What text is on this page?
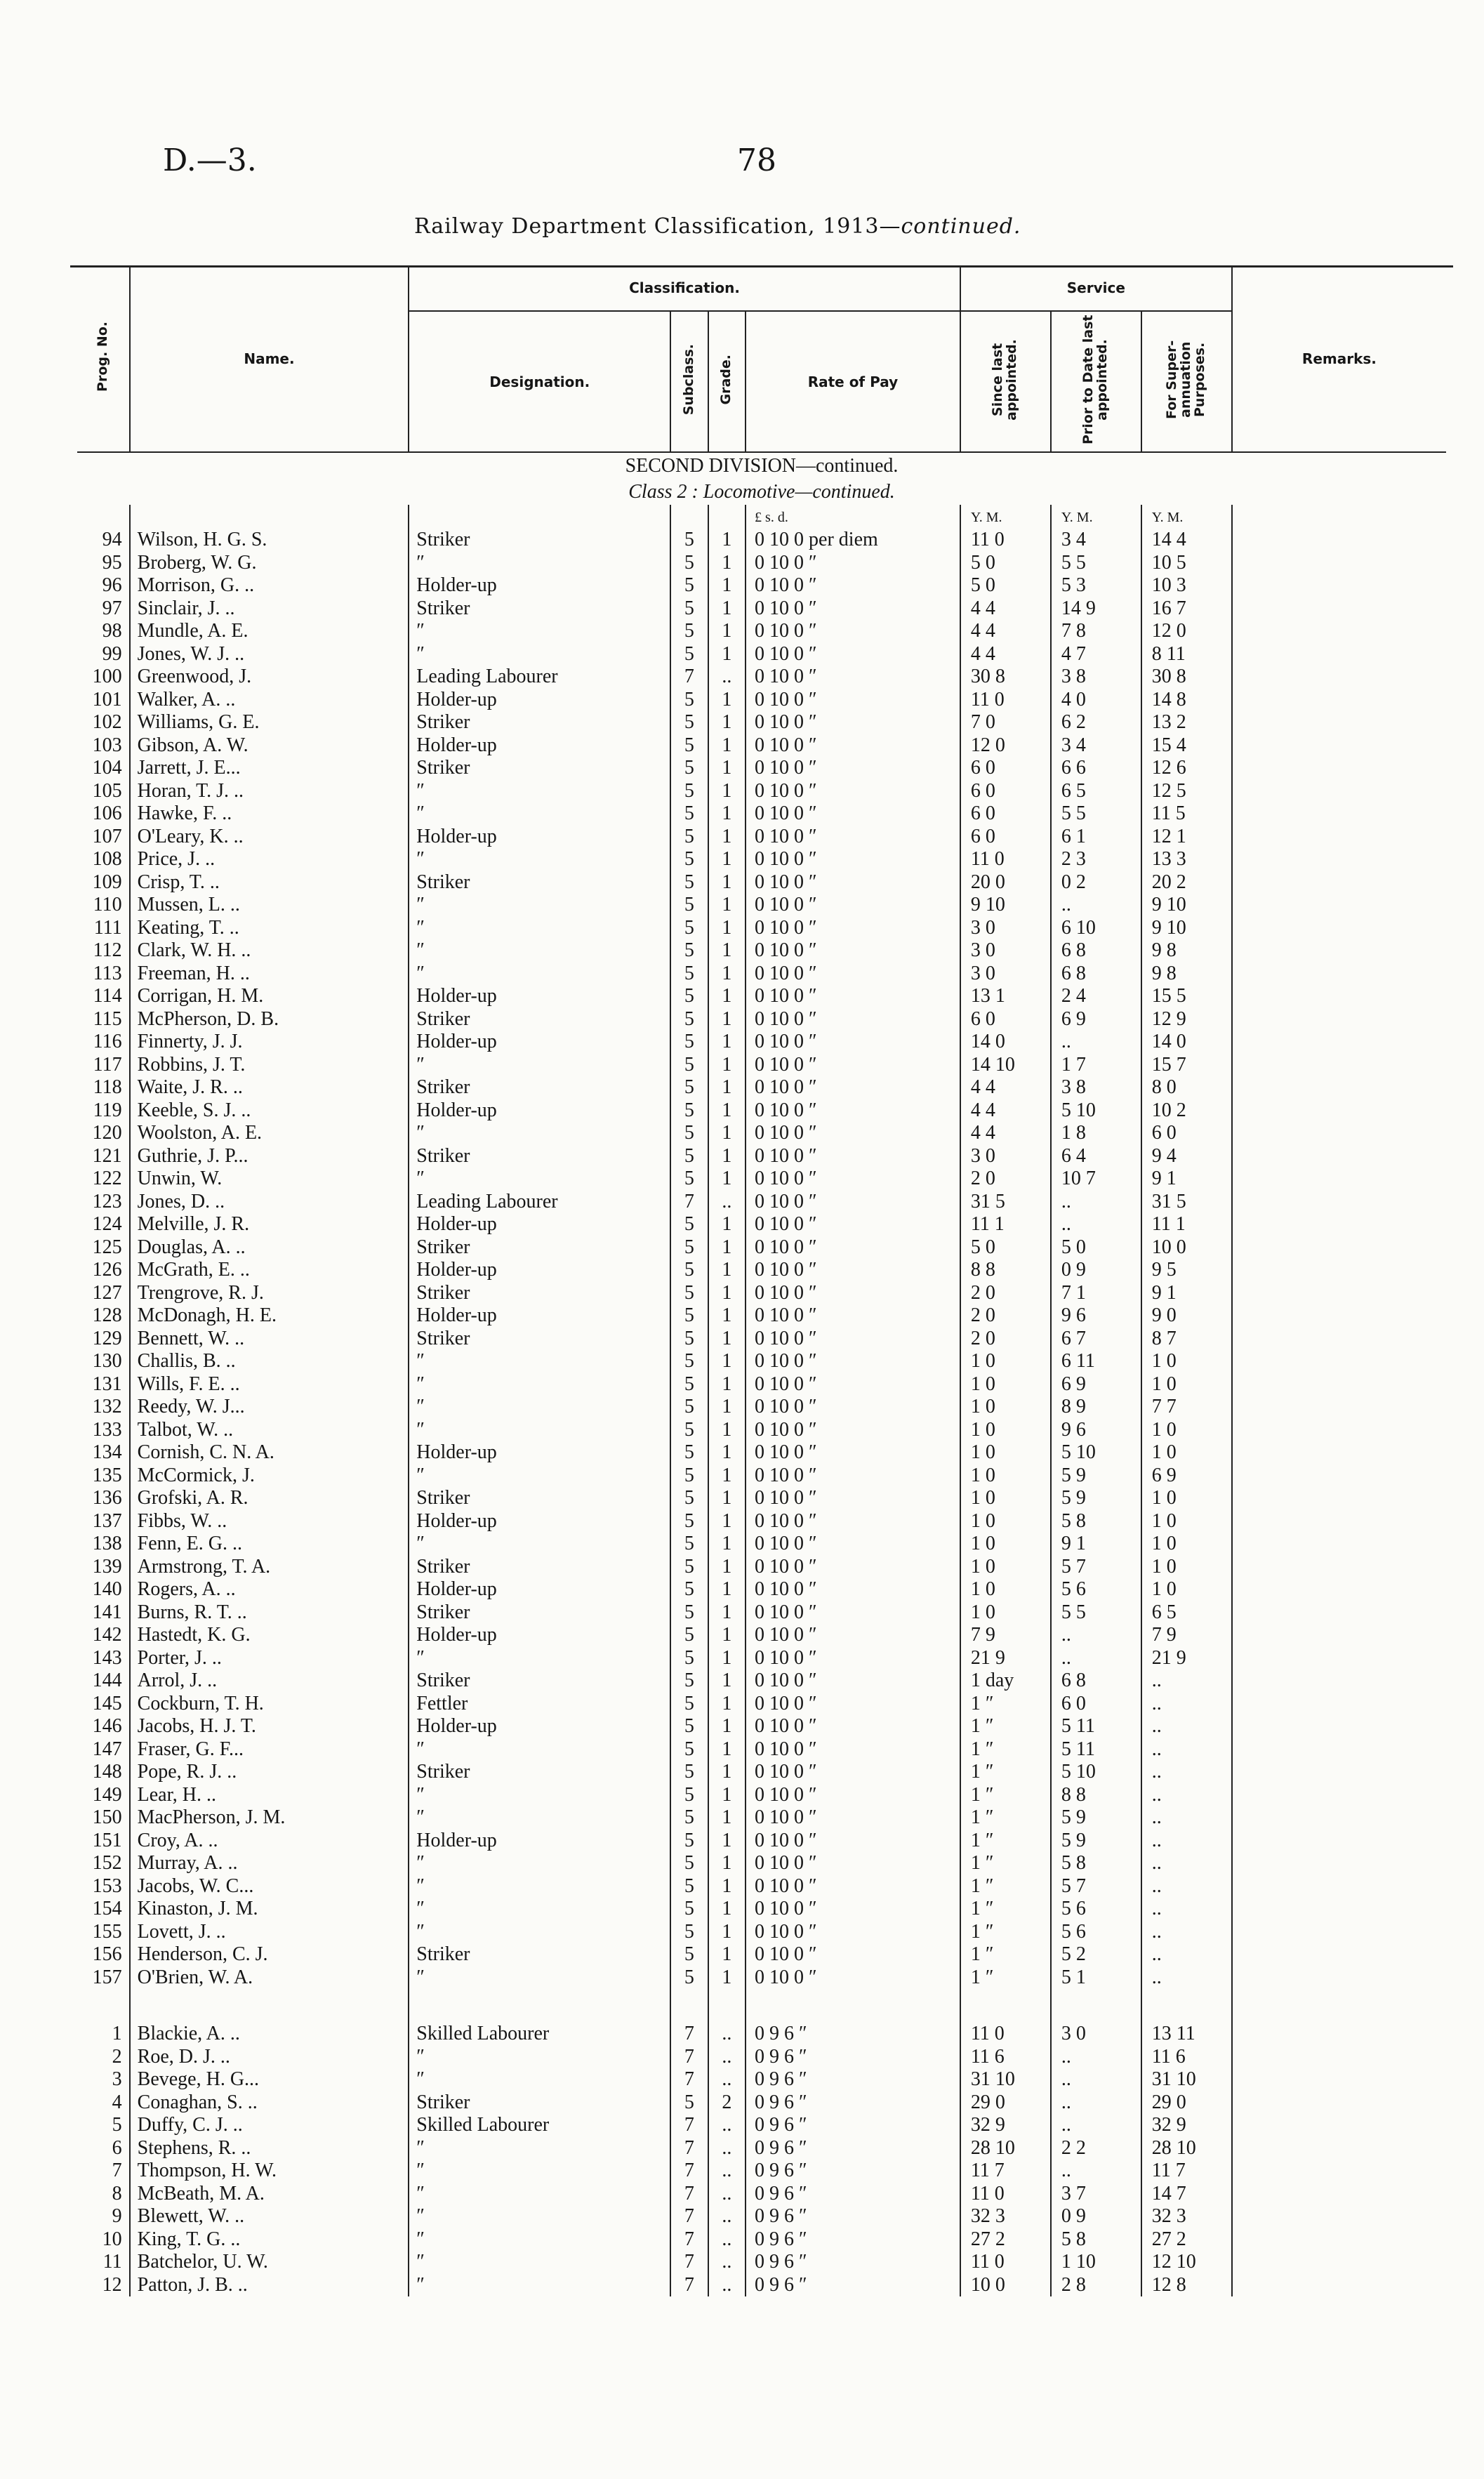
D.—3.	78
Railway Department Classification, 1913—continued.
Prog. No.	Name.	Classification.				Service			Remarks.
		Designation.	Subclass.	Grade.	Rate of Pay	Since last appointed.	Prior to Date last appointed.	For Super-annuation Purposes.	
SECOND DIVISION—continued.									
Class 2 : Locomotive—continued.									
					£ s. d.	Y. M.	Y. M.	Y. M.	
94	Wilson, H. G. S.	Striker	5	1	0 10 0 per diem	11 0	3 4	14 4	
95	Broberg, W. G.	″	5	1	0 10 0 ″	5 0	5 5	10 5	
96	Morrison, G. ..	Holder-up	5	1	0 10 0 ″	5 0	5 3	10 3	
97	Sinclair, J. ..	Striker	5	1	0 10 0 ″	4 4	14 9	16 7	
98	Mundle, A. E.	″	5	1	0 10 0 ″	4 4	7 8	12 0	
99	Jones, W. J. ..	″	5	1	0 10 0 ″	4 4	4 7	8 11	
100	Greenwood, J.	Leading Labourer	7	..	0 10 0 ″	30 8	3 8	30 8	
101	Walker, A. ..	Holder-up	5	1	0 10 0 ″	11 0	4 0	14 8	
102	Williams, G. E.	Striker	5	1	0 10 0 ″	7 0	6 2	13 2	
103	Gibson, A. W.	Holder-up	5	1	0 10 0 ″	12 0	3 4	15 4	
104	Jarrett, J. E...	Striker	5	1	0 10 0 ″	6 0	6 6	12 6	
105	Horan, T. J. ..	″	5	1	0 10 0 ″	6 0	6 5	12 5	
106	Hawke, F. ..	″	5	1	0 10 0 ″	6 0	5 5	11 5	
107	O'Leary, K. ..	Holder-up	5	1	0 10 0 ″	6 0	6 1	12 1	
108	Price, J. ..	″	5	1	0 10 0 ″	11 0	2 3	13 3	
109	Crisp, T. ..	Striker	5	1	0 10 0 ″	20 0	0 2	20 2	
110	Mussen, L. ..	″	5	1	0 10 0 ″	9 10	..	9 10	
111	Keating, T. ..	″	5	1	0 10 0 ″	3 0	6 10	9 10	
112	Clark, W. H. ..	″	5	1	0 10 0 ″	3 0	6 8	9 8	
113	Freeman, H. ..	″	5	1	0 10 0 ″	3 0	6 8	9 8	
114	Corrigan, H. M.	Holder-up	5	1	0 10 0 ″	13 1	2 4	15 5	
115	McPherson, D. B.	Striker	5	1	0 10 0 ″	6 0	6 9	12 9	
116	Finnerty, J. J.	Holder-up	5	1	0 10 0 ″	14 0	..	14 0	
117	Robbins, J. T.	″	5	1	0 10 0 ″	14 10	1 7	15 7	
118	Waite, J. R. ..	Striker	5	1	0 10 0 ″	4 4	3 8	8 0	
119	Keeble, S. J. ..	Holder-up	5	1	0 10 0 ″	4 4	5 10	10 2	
120	Woolston, A. E.	″	5	1	0 10 0 ″	4 4	1 8	6 0	
121	Guthrie, J. P...	Striker	5	1	0 10 0 ″	3 0	6 4	9 4	
122	Unwin, W.	″	5	1	0 10 0 ″	2 0	10 7	9 1	
123	Jones, D. ..	Leading Labourer	7	..	0 10 0 ″	31 5	..	31 5	
124	Melville, J. R.	Holder-up	5	1	0 10 0 ″	11 1	..	11 1	
125	Douglas, A. ..	Striker	5	1	0 10 0 ″	5 0	5 0	10 0	
126	McGrath, E. ..	Holder-up	5	1	0 10 0 ″	8 8	0 9	9 5	
127	Trengrove, R. J.	Striker	5	1	0 10 0 ″	2 0	7 1	9 1	
128	McDonagh, H. E.	Holder-up	5	1	0 10 0 ″	2 0	9 6	9 0	
129	Bennett, W. ..	Striker	5	1	0 10 0 ″	2 0	6 7	8 7	
130	Challis, B. ..	″	5	1	0 10 0 ″	1 0	6 11	1 0	
131	Wills, F. E. ..	″	5	1	0 10 0 ″	1 0	6 9	1 0	
132	Reedy, W. J...	″	5	1	0 10 0 ″	1 0	8 9	7 7	
133	Talbot, W. ..	″	5	1	0 10 0 ″	1 0	9 6	1 0	
134	Cornish, C. N. A.	Holder-up	5	1	0 10 0 ″	1 0	5 10	1 0	
135	McCormick, J.	″	5	1	0 10 0 ″	1 0	5 9	6 9	
136	Grofski, A. R.	Striker	5	1	0 10 0 ″	1 0	5 9	1 0	
137	Fibbs, W. ..	Holder-up	5	1	0 10 0 ″	1 0	5 8	1 0	
138	Fenn, E. G. ..	″	5	1	0 10 0 ″	1 0	9 1	1 0	
139	Armstrong, T. A.	Striker	5	1	0 10 0 ″	1 0	5 7	1 0	
140	Rogers, A. ..	Holder-up	5	1	0 10 0 ″	1 0	5 6	1 0	
141	Burns, R. T. ..	Striker	5	1	0 10 0 ″	1 0	5 5	6 5	
142	Hastedt, K. G.	Holder-up	5	1	0 10 0 ″	7 9	..	7 9	
143	Porter, J. ..	″	5	1	0 10 0 ″	21 9	..	21 9	
144	Arrol, J. ..	Striker	5	1	0 10 0 ″	1 day	6 8	..	
145	Cockburn, T. H.	Fettler	5	1	0 10 0 ″	1 ″	6 0	..	
146	Jacobs, H. J. T.	Holder-up	5	1	0 10 0 ″	1 ″	5 11	..	
147	Fraser, G. F...	″	5	1	0 10 0 ″	1 ″	5 11	..	
148	Pope, R. J. ..	Striker	5	1	0 10 0 ″	1 ″	5 10	..	
149	Lear, H. ..	″	5	1	0 10 0 ″	1 ″	8 8	..	
150	MacPherson, J. M.	″	5	1	0 10 0 ″	1 ″	5 9	..	
151	Croy, A. ..	Holder-up	5	1	0 10 0 ″	1 ″	5 9	..	
152	Murray, A. ..	″	5	1	0 10 0 ″	1 ″	5 8	..	
153	Jacobs, W. C...	″	5	1	0 10 0 ″	1 ″	5 7	..	
154	Kinaston, J. M.	″	5	1	0 10 0 ″	1 ″	5 6	..	
155	Lovett, J. ..	″	5	1	0 10 0 ″	1 ″	5 6	..	
156	Henderson, C. J.	Striker	5	1	0 10 0 ″	1 ″	5 2	..	
157	O'Brien, W. A.	″	5	1	0 10 0 ″	1 ″	5 1	..	

1	Blackie, A. ..	Skilled Labourer	7	..	0 9 6 ″	11 0	3 0	13 11	
2	Roe, D. J. ..	″	7	..	0 9 6 ″	11 6	..	11 6	
3	Bevege, H. G...	″	7	..	0 9 6 ″	31 10	..	31 10	
4	Conaghan, S. ..	Striker	5	2	0 9 6 ″	29 0	..	29 0	
5	Duffy, C. J. ..	Skilled Labourer	7	..	0 9 6 ″	32 9	..	32 9	
6	Stephens, R. ..	″	7	..	0 9 6 ″	28 10	2 2	28 10	
7	Thompson, H. W.	″	7	..	0 9 6 ″	11 7	..	11 7	
8	McBeath, M. A.	″	7	..	0 9 6 ″	11 0	3 7	14 7	
9	Blewett, W. ..	″	7	..	0 9 6 ″	32 3	0 9	32 3	
10	King, T. G. ..	″	7	..	0 9 6 ″	27 2	5 8	27 2	
11	Batchelor, U. W.	″	7	..	0 9 6 ″	11 0	1 10	12 10	
12	Patton, J. B. ..	″	7	..	0 9 6 ″	10 0	2 8	12 8	
